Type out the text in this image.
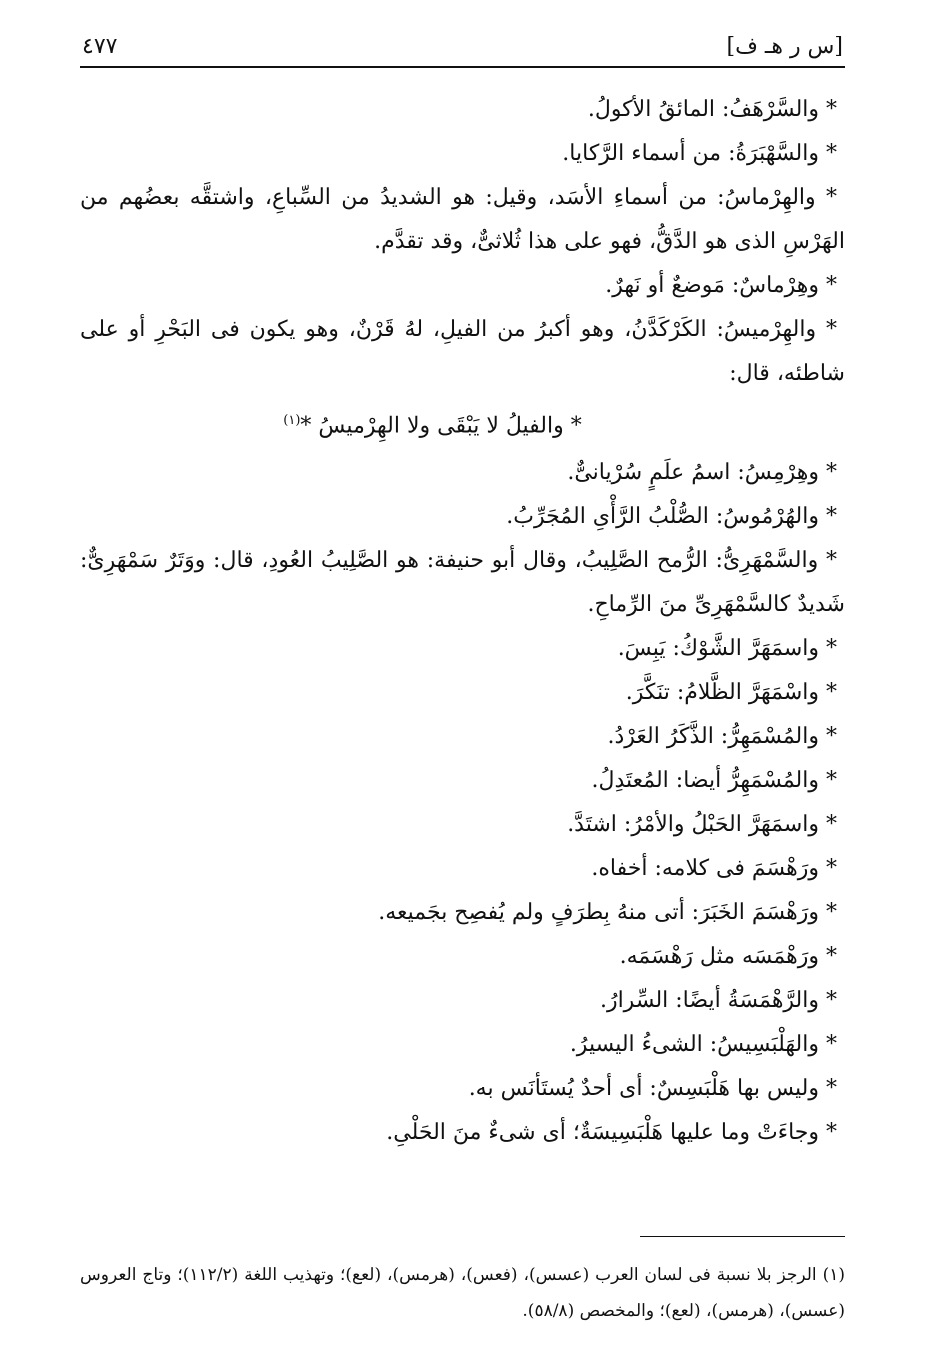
[س ر هـ ف]
٤٧٧

* والسَّرْهَفُ: المائقُ الأكولُ.

* والسَّهْبَرَةُ: من أسماء الرَّكايا.

* والهِرْماسُ: من أسماءِ الأسَد، وقيل: هو الشديدُ من السِّباعِ، واشتقَّه بعضُهم من الهَرْسِ الذى هو الدَّقُّ، فهو على هذا ثُلاثىٌّ، وقد تقدَّم.

* وهِرْماسٌ: مَوضعٌ أو نَهرٌ.

* والهِرْميسُ: الكَرْكَدَّنُ، وهو أكبرُ من الفيلِ، لهُ قَرْنٌ، وهو يكون فى البَحْرِ أو على شاطئه، قال:

* والفيلُ لا يَبْقَى ولا الهِرْميسُ *$^{(١)}$

* وهِرْمِسُ: اسمُ علَمٍ سُرْيانىٌّ.

* والهُرْمُوسُ: الصُّلْبُ الرَّأْىِ المُجَرِّبُ.

* والسَّمْهَرِىُّ: الرُّمح الصَّلِيبُ، وقال أبو حنيفة: هو الصَّلِيبُ العُودِ، قال: ووَتَرٌ سَمْهَرِىٌّ: شَديدٌ كالسَّمْهَرِىِّ منَ الرِّماحِ.

* واسمَهَرَّ الشَّوْكُ: يَبِسَ.

* واسْمَهَرَّ الظَّلامُ: تنَكَّرَ.

* والمُسْمَهِرُّ: الذَّكَرُ العَرْدُ.

* والمُسْمَهِرُّ أيضا: المُعتَدِلُ.

* واسمَهَرَّ الحَبْلُ والأمْرُ: اشتَدَّ.

* ورَهْسَمَ فى كلامه: أخفاه.

* ورَهْسَمَ الخَبَرَ: أتى منهُ بِطرَفٍ ولم يُفصِح بجَميعه.

* ورَهْمَسَه مثل رَهْسَمَه.

* والرَّهْمَسَةُ أيضًا: السِّرارُ.

* والهَلْبَسِيسُ: الشىءُ اليسيرُ.

* وليس بها هَلْبَسِسٌ: أى أحدٌ يُستَأنَس به.

* وجاءَتْ وما عليها هَلْبَسِيسَةٌ؛ أى شىءٌ منَ الحَلْىِ.

(١) الرجز بلا نسبة فى لسان العرب (عسس)، (فعس)، (هرمس)، (لعع)؛ وتهذيب اللغة (١١٢/٢)؛ وتاج العروس (عسس)، (هرمس)، (لعع)؛ والمخصص (٥٨/٨).
